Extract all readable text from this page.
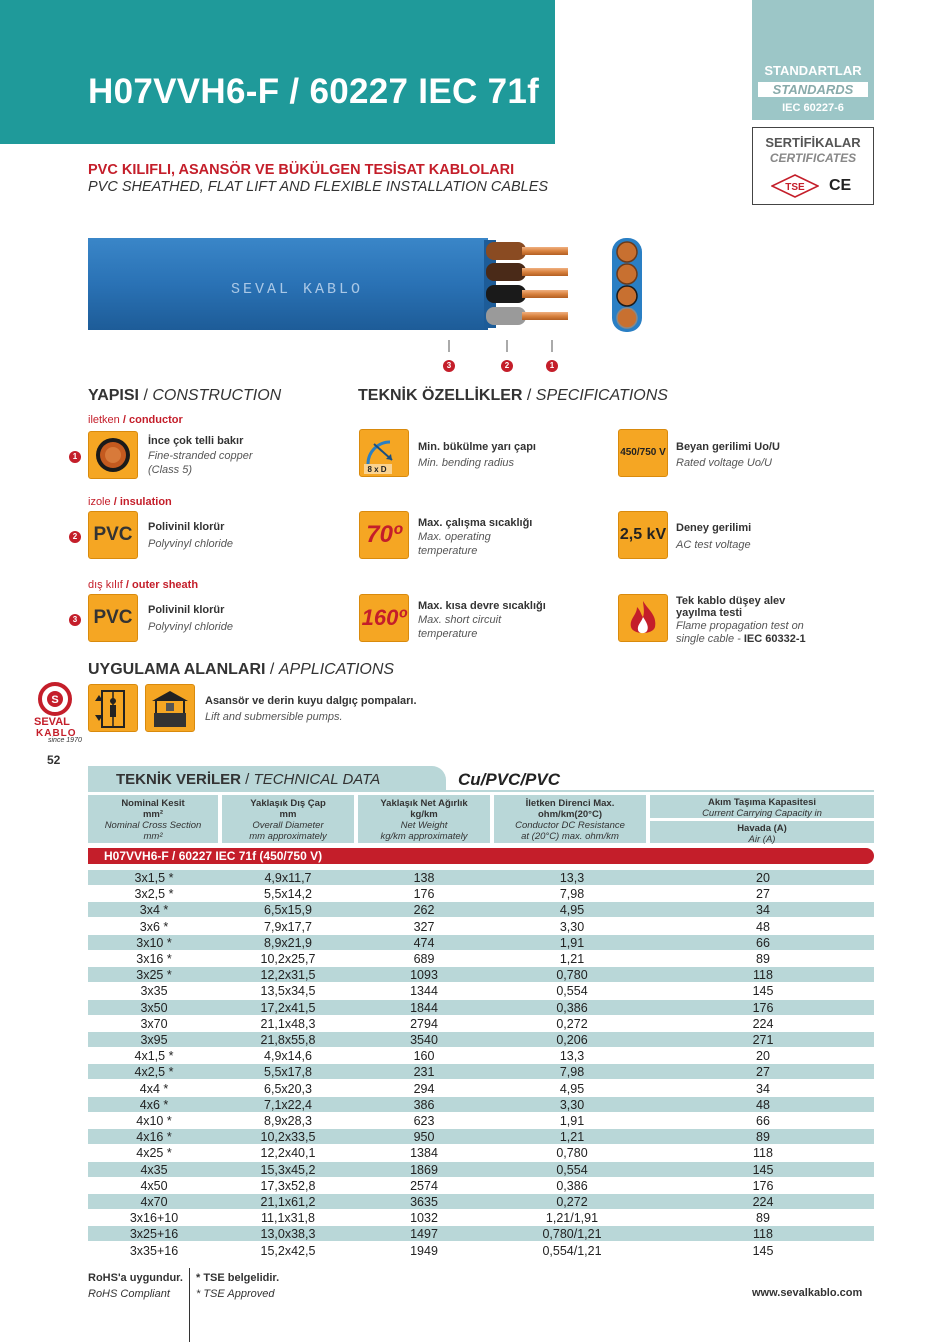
H07VVH6-F / 60227 IEC 71f
STANDARTLAR
STANDARDS
IEC 60227-6
SERTİFİKALAR
CERTIFICATES
TSE CE
PVC KILIFLI, ASANSÖR VE BÜKÜLGEN TESİSAT KABLOLARI
PVC SHEATHED, FLAT LIFT AND FLEXIBLE INSTALLATION CABLES
SEVAL KABLO
3	2	1
YAPISI / CONSTRUCTION
iletken / conductor
1
İnce çok telli bakır
Fine-stranded copper
(Class 5)
izole / insulation
2 PVC	Polivinil klorür
Polyvinyl chloride
dış kılıf / outer sheath
3 PVC	Polivinil klorür
Polyvinyl chloride
TEKNİK ÖZELLİKLER / SPECIFICATIONS
8 x D
Min. bükülme yarı çapı
Min. bending radius
70º	Max. çalışma sıcaklığı
Max. operating
temperature
160º Max. kısa devre sıcaklığı
Max. short circuit
temperature
450/750 V Beyan gerilimi Uo/U
Rated voltage Uo/U
2,5 kV Deney gerilimi
AC test voltage
Tek kablo düşey alev
yayılma testi
Flame propagation test on
single cable - IEC 60332-1
UYGULAMA ALANLARI / APPLICATIONS
Asansör ve derin kuyu dalgıç pompaları.
Lift and submersible pumps.
S
SEVAL
KABLO
since 1970
52
TEKNİK VERİLER / TECHNICAL DATA	Cu/PVC/PVC
Nominal Kesit
mm²
Nominal Cross Section
mm²
Yaklaşık Dış Çap
mm
Overall Diameter
mm approximately
Yaklaşık Net Ağırlık
kg/km
Net Weight
kg/km approximately
İletken Direnci Max.
ohm/km(20°C)
Conductor DC Resistance
at (20°C) max. ohm/km
Akım Taşıma Kapasitesi
Current Carrying Capacity in
Havada (A)
Air (A)
H07VVH6-F / 60227 IEC 71f (450/750 V)
3x1,5 *	4,9x11,7	138	13,3	20
3x2,5 *	5,5x14,2	176	7,98	27
3x4 *	6,5x15,9	262	4,95	34
3x6 *	7,9x17,7	327	3,30	48
3x10 *	8,9x21,9	474	1,91	66
3x16 *	10,2x25,7	689	1,21	89
3x25 *	12,2x31,5	1093	0,780	118
3x35	13,5x34,5	1344	0,554	145
3x50	17,2x41,5	1844	0,386	176
3x70	21,1x48,3	2794	0,272	224
3x95	21,8x55,8	3540	0,206	271
4x1,5 *	4,9x14,6	160	13,3	20
4x2,5 *	5,5x17,8	231	7,98	27
4x4 *	6,5x20,3	294	4,95	34
4x6 *	7,1x22,4	386	3,30	48
4x10 *	8,9x28,3	623	1,91	66
4x16 *	10,2x33,5	950	1,21	89
4x25 *	12,2x40,1	1384	0,780	118
4x35	15,3x45,2	1869	0,554	145
4x50	17,3x52,8	2574	0,386	176
4x70	21,1x61,2	3635	0,272	224
3x16+10	11,1x31,8	1032	1,21/1,91	89
3x25+16	13,0x38,3	1497	0,780/1,21	118
3x35+16	15,2x42,5	1949	0,554/1,21	145
RoHS'a uygundur.
RoHS Compliant
* TSE belgelidir.
* TSE Approved	www.sevalkablo.com
